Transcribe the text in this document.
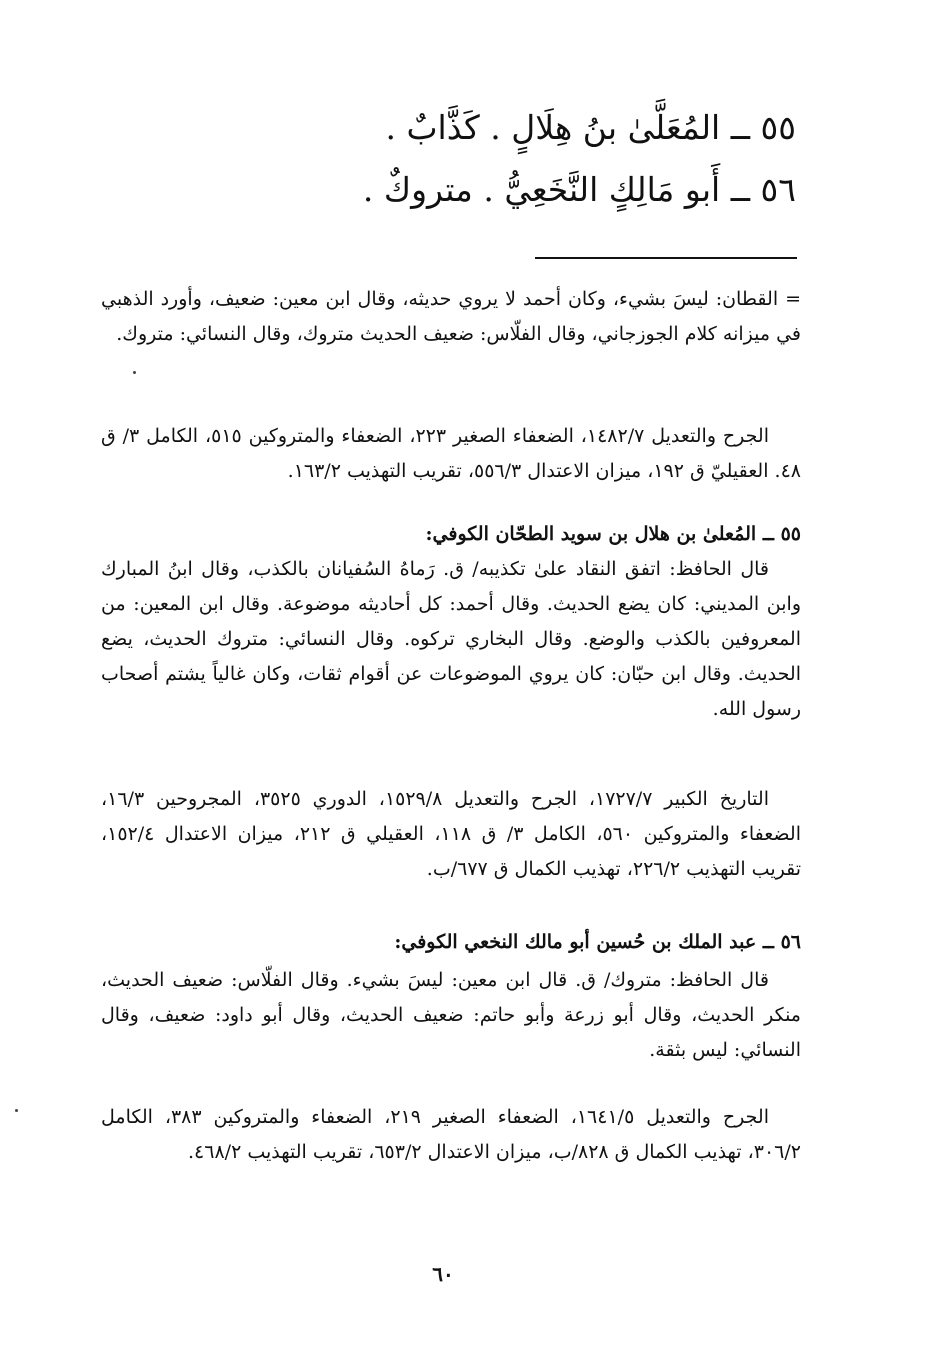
٥٥ ــ المُعَلَّىٰ بنُ هِلَالٍ . كَذَّابٌ .
٥٦ ــ أَبو مَالِكٍ النَّخَعِيُّ . متروكٌ .

= القطان: ليسَ بشيء، وكان أحمد لا يروي حديثه، وقال ابن معين: ضعيف، وأورد الذهبي في ميزانه كلام الجوزجاني، وقال الفلّاس: ضعيف الحديث متروك، وقال النسائي: متروك.

الجرح والتعديل ١٤٨٢/٧، الضعفاء الصغير ٢٢٣، الضعفاء والمتروكين ٥١٥، الكامل ٣/ ق ٤٨. العقيليّ ق ١٩٢، ميزان الاعتدال ٥٥٦/٣، تقريب التهذيب ١٦٣/٢.

٥٥ ــ المُعلىٰ بن هلال بن سويد الطحّان الكوفي:

قال الحافظ: اتفق النقاد علىٰ تكذيبه/ ق. رَماهُ السُفيانان بالكذب، وقال ابنُ المبارك وابن المديني: كان يضع الحديث. وقال أحمد: كل أحاديثه موضوعة. وقال ابن المعين: من المعروفين بالكذب والوضع. وقال البخاري تركوه. وقال النسائي: متروك الحديث، يضع الحديث. وقال ابن حبّان: كان يروي الموضوعات عن أقوام ثقات، وكان غالياً يشتم أصحاب رسول الله.

التاريخ الكبير ١٧٢٧/٧، الجرح والتعديل ١٥٢٩/٨، الدوري ٣٥٢٥، المجروحين ١٦/٣، الضعفاء والمتروكين ٥٦٠، الكامل ٣/ ق ١١٨، العقيلي ق ٢١٢، ميزان الاعتدال ١٥٢/٤، تقريب التهذيب ٢٢٦/٢، تهذيب الكمال ق ٦٧٧/ب.

٥٦ ــ عبد الملك بن حُسين أبو مالك النخعي الكوفي:

قال الحافظ: متروك/ ق. قال ابن معين: ليسَ بشيء. وقال الفلّاس: ضعيف الحديث، منكر الحديث، وقال أبو زرعة وأبو حاتم: ضعيف الحديث، وقال أبو داود: ضعيف، وقال النسائي: ليس بثقة.

الجرح والتعديل ١٦٤١/٥، الضعفاء الصغير ٢١٩، الضعفاء والمتروكين ٣٨٣، الكامل ٣٠٦/٢، تهذيب الكمال ق ٨٢٨/ب، ميزان الاعتدال ٦٥٣/٢، تقريب التهذيب ٤٦٨/٢.

٦٠
